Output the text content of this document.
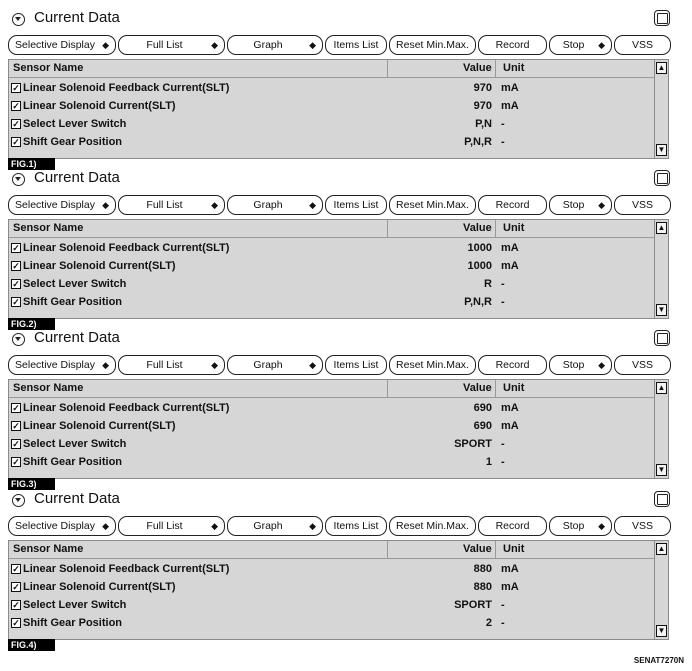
Current Data
Selective Display ◆	Full List	◆	Graph	◆ Items List Reset Min.Max.	Record	Stop ◆	VSS
Sensor Name	Value Unit
✓ Linear Solenoid Feedback Current(SLT)	970 mA
✓ Linear Solenoid Current(SLT)	970 mA
✓ Select Lever Switch	P,N -
✓ Shift Gear Position	P,N,R -
▲
▼
FIG.1)
Current Data
Selective Display ◆	Full List	◆	Graph	◆ Items List Reset Min.Max.	Record	Stop ◆	VSS
Sensor Name	Value Unit
✓ Linear Solenoid Feedback Current(SLT)	1000 mA
✓ Linear Solenoid Current(SLT)	1000 mA
✓ Select Lever Switch	R -
✓ Shift Gear Position	P,N,R -
▲
▼
FIG.2)
Current Data
Selective Display ◆	Full List	◆	Graph	◆ Items List Reset Min.Max.	Record	Stop ◆	VSS
Sensor Name	Value Unit
✓ Linear Solenoid Feedback Current(SLT)	690 mA
✓ Linear Solenoid Current(SLT)	690 mA
✓ Select Lever Switch	SPORT -
✓ Shift Gear Position	1 -
▲
▼
FIG.3)
Current Data
Selective Display ◆	Full List	◆	Graph	◆ Items List Reset Min.Max.	Record	Stop ◆	VSS
Sensor Name	Value Unit
✓ Linear Solenoid Feedback Current(SLT)	880 mA
✓ Linear Solenoid Current(SLT)	880 mA
✓ Select Lever Switch	SPORT -
✓ Shift Gear Position	2 -
▲
▼
FIG.4)
SENAT7270N
